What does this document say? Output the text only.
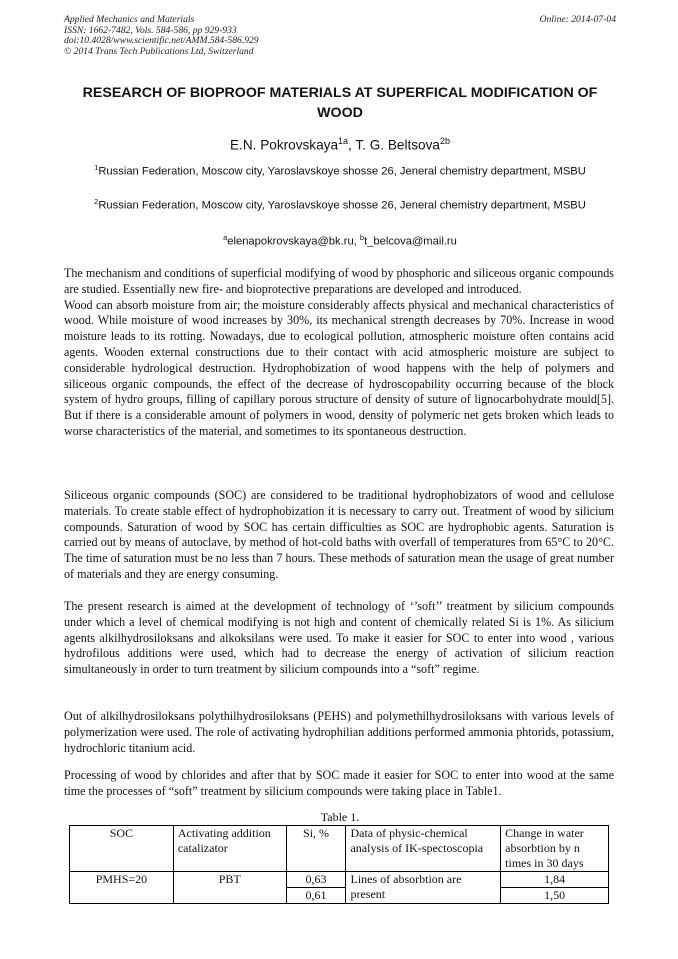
Applied Mechanics and Materials
ISSN: 1662-7482, Vols. 584-586, pp 929-933
doi:10.4028/www.scientific.net/AMM.584-586.929
© 2014 Trans Tech Publications Ltd, Switzerland
Online: 2014-07-04
RESEARCH OF BIOPROOF MATERIALS AT SUPERFICAL MODIFICATION OF WOOD
E.N. Pokrovskaya$^{1a}$, T. G. Beltsova$^{2b}$
$^1$Russian Federation, Moscow city, Yaroslavskoye shosse 26, Jeneral chemistry department, MSBU
$^2$Russian Federation, Moscow city, Yaroslavskoye shosse 26, Jeneral chemistry department, MSBU
$^a$elenapokrovskaya@bk.ru, $^b$t_belcova@mail.ru
The mechanism and conditions of superficial modifying of wood by phosphoric and siliceous organic compounds are studied. Essentially new fire- and bioprotective preparations are developed and introduced.
Wood can absorb moisture from air; the moisture considerably affects physical and mechanical characteristics of wood. While moisture of wood increases by 30%, its mechanical strength decreases by 70%. Increase in wood moisture leads to its rotting. Nowadays, due to ecological pollution, atmospheric moisture often contains acid agents. Wooden external constructions due to their contact with acid atmospheric moisture are subject to considerable hydrological destruction. Hydrophobization of wood happens with the help of polymers and siliceous organic compounds, the effect of the decrease of hydroscopability occurring because of the block system of hydro groups, filling of capillary porous structure of density of suture of lignocarbohydrate mould[5]. But if there is a considerable amount of polymers in wood, density of polymeric net gets broken which leads to worse characteristics of the material, and sometimes to its spontaneous destruction.
Siliceous organic compounds (SOC) are considered to be traditional hydrophobizators of wood and cellulose materials. To create stable effect of hydrophobization it is necessary to carry out. Treatment of wood by silicium compounds. Saturation of wood by SOC has certain difficulties as SOC are hydrophobic agents. Saturation is carried out by means of autoclave, by method of hot-cold baths with overfall of temperatures from 65°C to 20°C. The time of saturation must be no less than 7 hours. These methods of saturation mean the usage of great number of materials and they are energy consuming.
The present research is aimed at the development of technology of ‘’soft’’ treatment by silicium compounds under which a level of chemical modifying is not high and content of chemically related Si is 1%. As silicium agents alkilhydrosiloksans and alkoksilans were used. To make it easier for SOC to enter into wood , various hydrofilous additions were used, which had to decrease the energy of activation of silicium reaction simultaneously in order to turn treatment by silicium compounds into a “soft” regime.
Out of alkilhydrosiloksans polythilhydrosiloksans (PEHS) and polymethilhydrosiloksans with various levels of polymerization were used. The role of activating hydrophilian additions performed ammonia phtorids, potassium, hydrochloric titanium acid.
Processing of wood by chlorides and after that by SOC made it easier for SOC to enter into wood at the same time the processes of “soft” treatment by silicium compounds were taking place in Table1.
Table 1.
SOC	Activating addition catalizator	Si, %	Data of physic-chemical analysis of IK-spectoscopia	Change in water absorbtion by n times in 30 days
PMHS=20	PBT	0,63	Lines of absorbtion are present	1,84
		0,61		1,50
